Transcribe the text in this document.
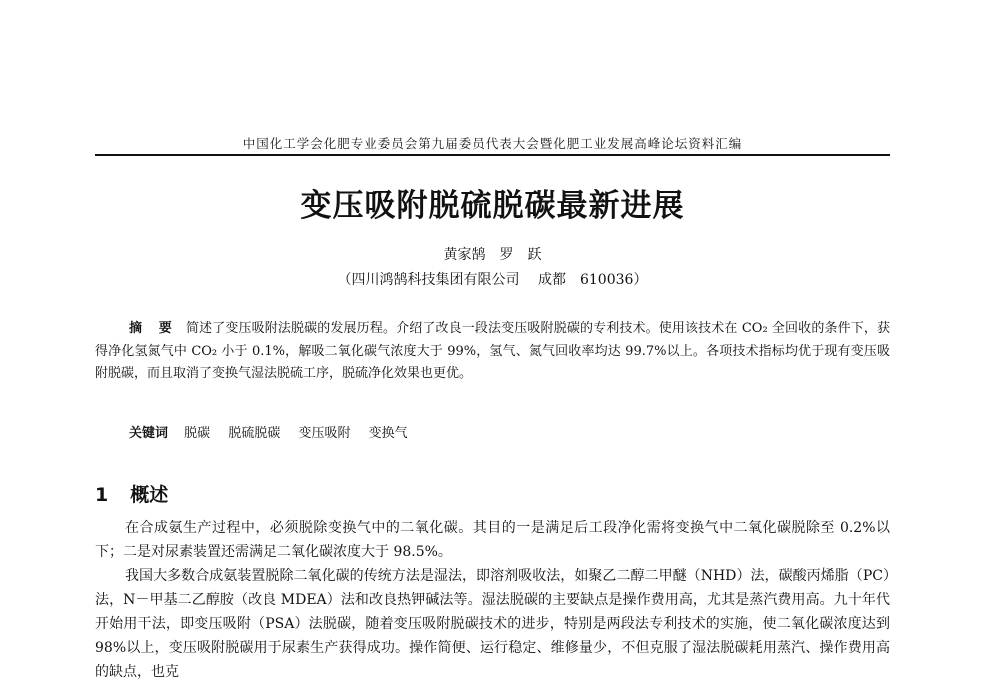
中国化工学会化肥专业委员会第九届委员代表大会暨化肥工业发展高峰论坛资料汇编
变压吸附脱硫脱碳最新进展
黄家鹄　罗　跃
（四川鸿鹄科技集团有限公司　 成都　610036）
摘 要 简述了变压吸附法脱碳的发展历程。介绍了改良一段法变压吸附脱碳的专利技术。使用该技术在 CO₂ 全回收的条件下，获得净化氢氮气中 CO₂ 小于 0.1%，解吸二氧化碳气浓度大于 99%，氢气、氮气回收率均达 99.7%以上。各项技术指标均优于现有变压吸附脱碳，而且取消了变换气湿法脱硫工序，脱硫净化效果也更优。
关键词 脱碳 脱硫脱碳 变压吸附 变换气
1 概述

在合成氨生产过程中，必须脱除变换气中的二氧化碳。其目的一是满足后工段净化需将变换气中二氧化碳脱除至 0.2%以下；二是对尿素装置还需满足二氧化碳浓度大于 98.5%。

我国大多数合成氨装置脱除二氧化碳的传统方法是湿法，即溶剂吸收法，如聚乙二醇二甲醚（NHD）法，碳酸丙烯脂（PC）法，N－甲基二乙醇胺（改良 MDEA）法和改良热钾碱法等。湿法脱碳的主要缺点是操作费用高，尤其是蒸汽费用高。九十年代开始用干法，即变压吸附（PSA）法脱碳，随着变压吸附脱碳技术的进步，特别是两段法专利技术的实施，使二氧化碳浓度达到 98%以上，变压吸附脱碳用于尿素生产获得成功。操作简便、运行稳定、维修量少，不但克服了湿法脱碳耗用蒸汽、操作费用高的缺点，也克
